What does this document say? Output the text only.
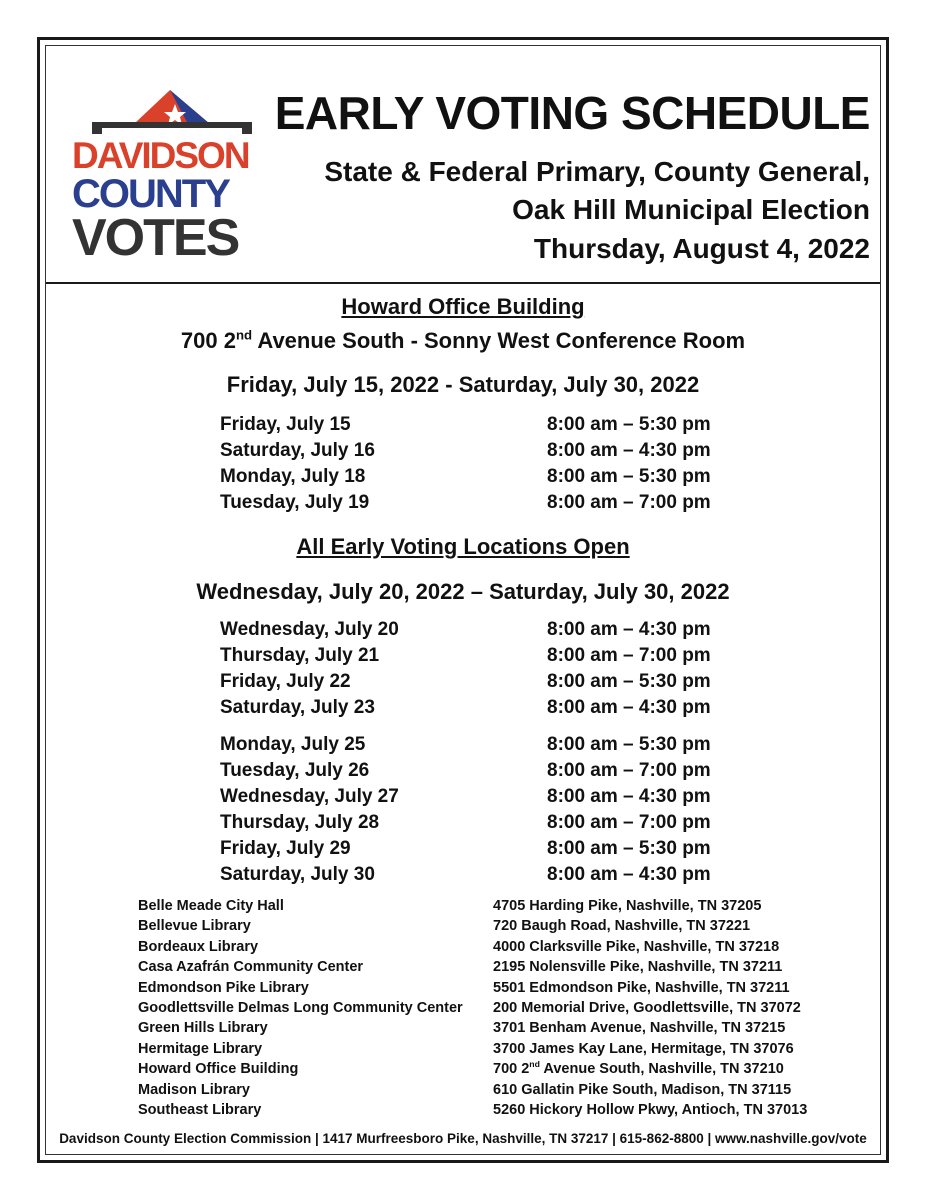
DAVIDSON
COUNTY
VOTES
EARLY VOTING SCHEDULE
State & Federal Primary, County General,
Oak Hill Municipal Election
Thursday, August 4, 2022
Howard Office Building
700 2nd Avenue South - Sonny West Conference Room
Friday, July 15, 2022 - Saturday, July 30, 2022
Friday, July 15	8:00 am – 5:30 pm
Saturday, July 16	8:00 am – 4:30 pm
Monday, July 18	8:00 am – 5:30 pm
Tuesday, July 19	8:00 am – 7:00 pm
All Early Voting Locations Open
Wednesday, July 20, 2022 – Saturday, July 30, 2022
Wednesday, July 20	8:00 am – 4:30 pm
Thursday, July 21	8:00 am – 7:00 pm
Friday, July 22	8:00 am – 5:30 pm
Saturday, July 23	8:00 am – 4:30 pm
Monday, July 25	8:00 am – 5:30 pm
Tuesday, July 26	8:00 am – 7:00 pm
Wednesday, July 27	8:00 am – 4:30 pm
Thursday, July 28	8:00 am – 7:00 pm
Friday, July 29	8:00 am – 5:30 pm
Saturday, July 30	8:00 am – 4:30 pm
Belle Meade City Hall	4705 Harding Pike, Nashville, TN 37205
Bellevue Library	720 Baugh Road, Nashville, TN 37221
Bordeaux Library	4000 Clarksville Pike, Nashville, TN 37218
Casa Azafrán Community Center	2195 Nolensville Pike, Nashville, TN 37211
Edmondson Pike Library	5501 Edmondson Pike, Nashville, TN 37211
Goodlettsville Delmas Long Community Center 200 Memorial Drive, Goodlettsville, TN 37072
Green Hills Library	3701 Benham Avenue, Nashville, TN 37215
Hermitage Library	3700 James Kay Lane, Hermitage, TN 37076
Howard Office Building	700 2nd Avenue South, Nashville, TN 37210
Madison Library	610 Gallatin Pike South, Madison, TN 37115
Southeast Library	5260 Hickory Hollow Pkwy, Antioch, TN 37013
Davidson County Election Commission | 1417 Murfreesboro Pike, Nashville, TN 37217 | 615-862-8800 | www.nashville.gov/vote
